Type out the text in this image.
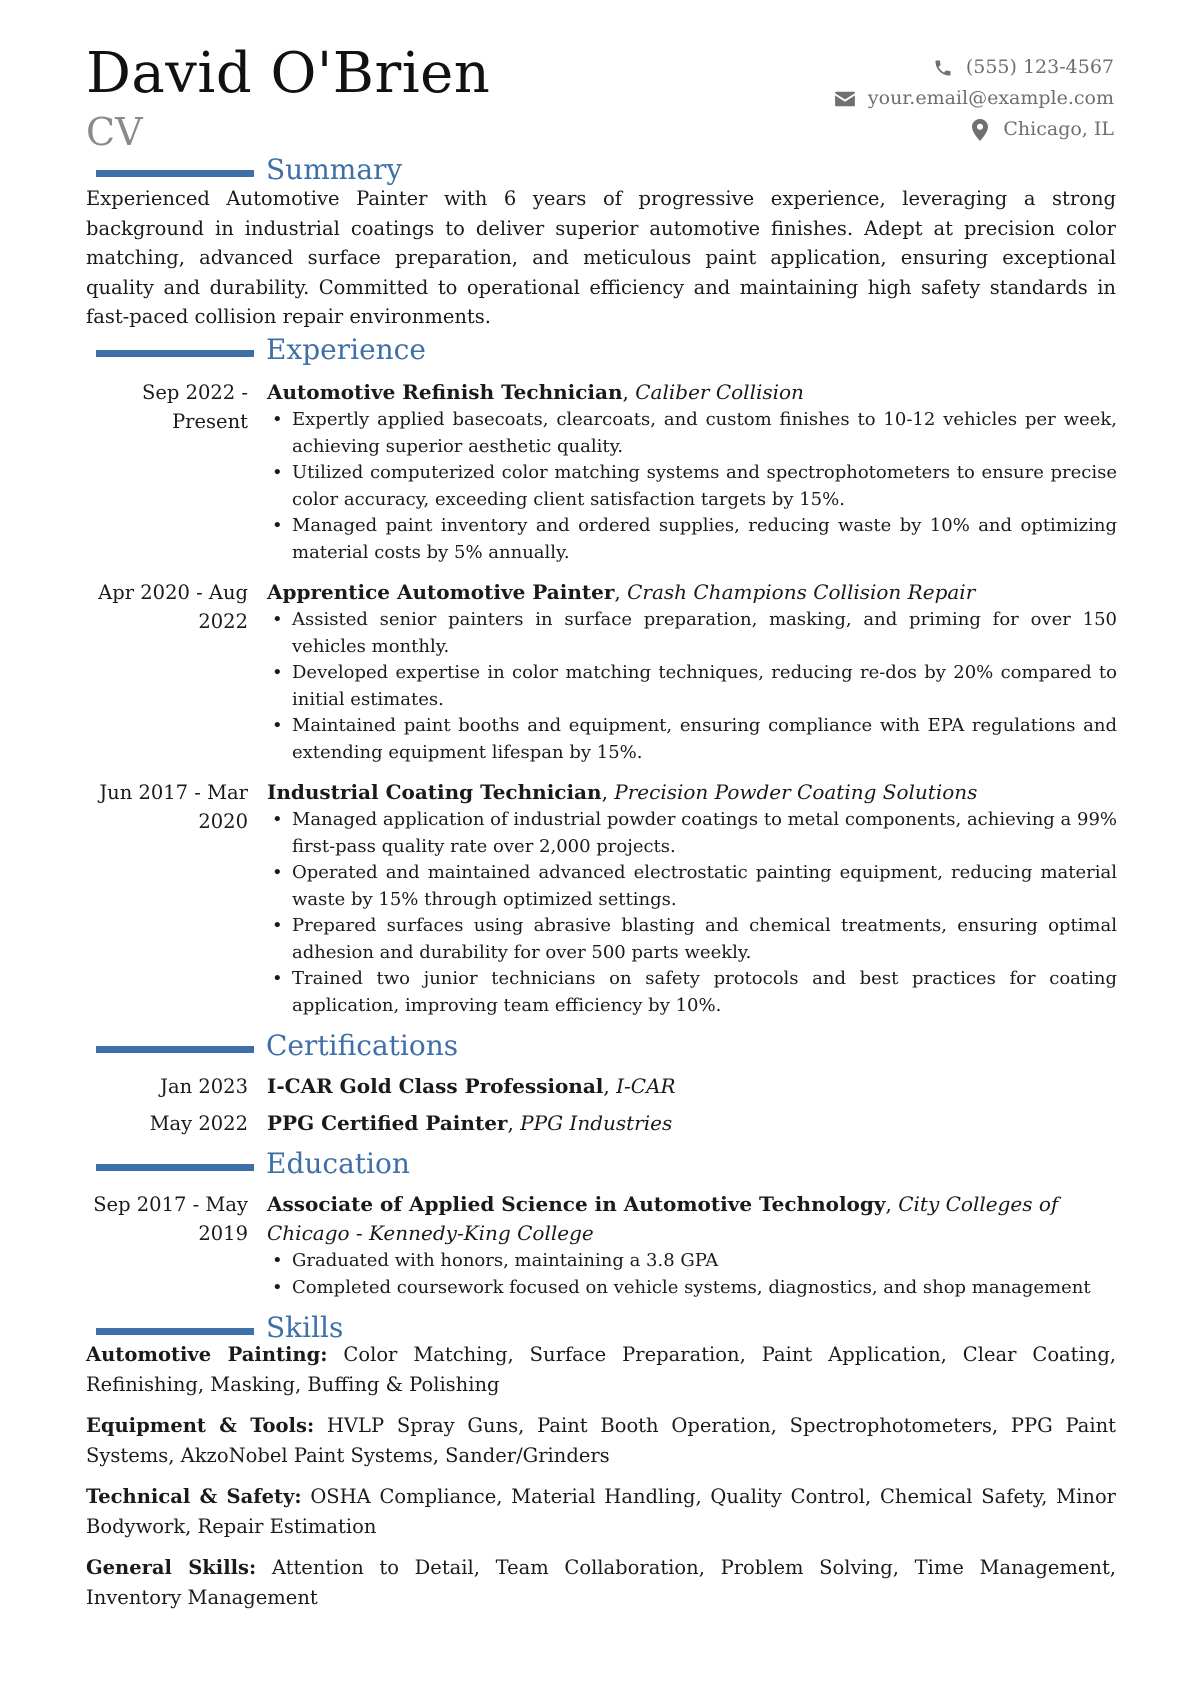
David O'Brien
CV
(555) 123-4567
your.email@example.com
Chicago, IL
Summary
Experienced Automotive Painter with 6 years of progressive experience, leveraging a strong background in industrial coatings to deliver superior automotive finishes. Adept at precision color matching, advanced surface preparation, and meticulous paint application, ensuring exceptional quality and durability. Committed to operational efficiency and maintaining high safety standards in fast-paced collision repair environments.
Experience
Sep 2022 - Present
Automotive Refinish Technician, Caliber Collision
• Expertly applied basecoats, clearcoats, and custom finishes to 10-12 vehicles per week, achieving superior aesthetic quality.
• Utilized computerized color matching systems and spectrophotometers to ensure precise color accuracy, exceeding client satisfaction targets by 15%.
• Managed paint inventory and ordered supplies, reducing waste by 10% and optimizing material costs by 5% annually.
Apr 2020 - Aug 2022
Apprentice Automotive Painter, Crash Champions Collision Repair
• Assisted senior painters in surface preparation, masking, and priming for over 150 vehicles monthly.
• Developed expertise in color matching techniques, reducing re-dos by 20% compared to initial estimates.
• Maintained paint booths and equipment, ensuring compliance with EPA regulations and extending equipment lifespan by 15%.
Jun 2017 - Mar 2020
Industrial Coating Technician, Precision Powder Coating Solutions
• Managed application of industrial powder coatings to metal components, achieving a 99% first-pass quality rate over 2,000 projects.
• Operated and maintained advanced electrostatic painting equipment, reducing material waste by 15% through optimized settings.
• Prepared surfaces using abrasive blasting and chemical treatments, ensuring optimal adhesion and durability for over 500 parts weekly.
• Trained two junior technicians on safety protocols and best practices for coating application, improving team efficiency by 10%.
Certifications
Jan 2023 I-CAR Gold Class Professional, I-CAR
May 2022 PPG Certified Painter, PPG Industries
Education
Sep 2017 - May 2019
Associate of Applied Science in Automotive Technology, City Colleges of Chicago - Kennedy-King College
• Graduated with honors, maintaining a 3.8 GPA
• Completed coursework focused on vehicle systems, diagnostics, and shop management
Skills
Automotive Painting: Color Matching, Surface Preparation, Paint Application, Clear Coating, Refinishing, Masking, Buffing & Polishing
Equipment & Tools: HVLP Spray Guns, Paint Booth Operation, Spectrophotometers, PPG Paint Systems, AkzoNobel Paint Systems, Sander/Grinders
Technical & Safety: OSHA Compliance, Material Handling, Quality Control, Chemical Safety, Minor Bodywork, Repair Estimation
General Skills: Attention to Detail, Team Collaboration, Problem Solving, Time Management, Inventory Management
